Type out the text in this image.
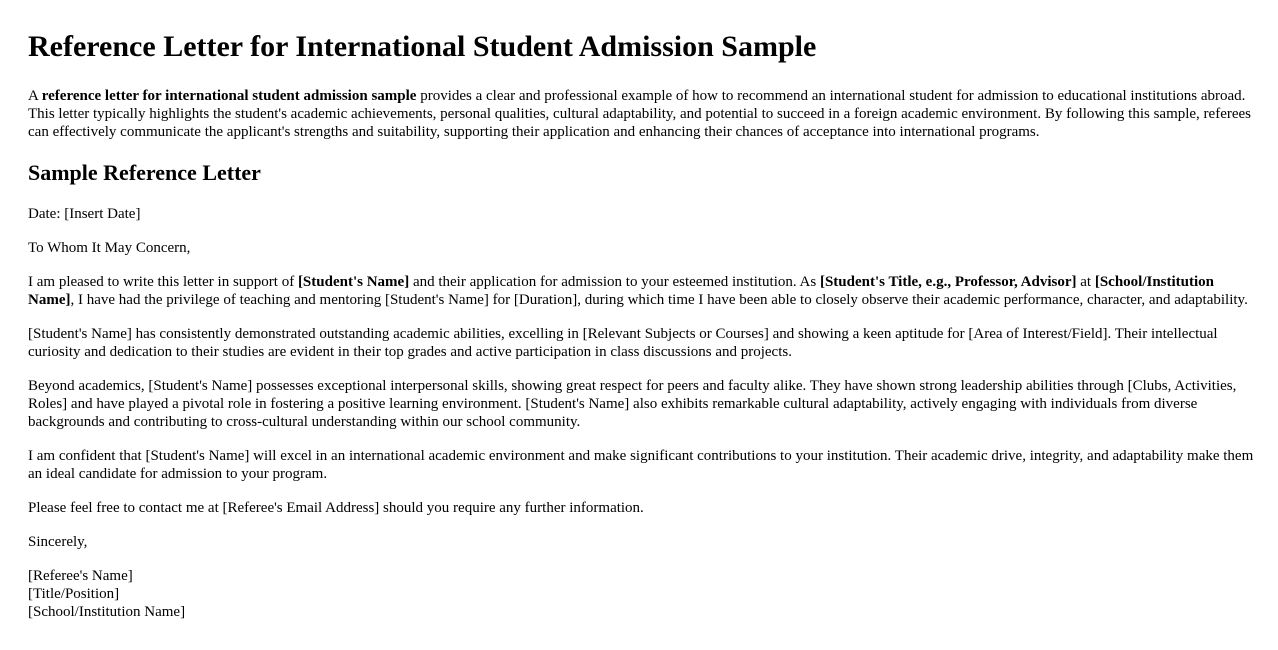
Reference Letter for International Student Admission Sample

A reference letter for international student admission sample provides a clear and professional example of how to recommend an international student for admission to educational institutions abroad. This letter typically highlights the student's academic achievements, personal qualities, cultural adaptability, and potential to succeed in a foreign academic environment. By following this sample, referees can effectively communicate the applicant's strengths and suitability, supporting their application and enhancing their chances of acceptance into international programs.

Sample Reference Letter

Date: [Insert Date]

To Whom It May Concern,

I am pleased to write this letter in support of [Student's Name] and their application for admission to your esteemed institution. As [Student's Title, e.g., Professor, Advisor] at [School/Institution Name], I have had the privilege of teaching and mentoring [Student's Name] for [Duration], during which time I have been able to closely observe their academic performance, character, and adaptability.

[Student's Name] has consistently demonstrated outstanding academic abilities, excelling in [Relevant Subjects or Courses] and showing a keen aptitude for [Area of Interest/Field]. Their intellectual curiosity and dedication to their studies are evident in their top grades and active participation in class discussions and projects.

Beyond academics, [Student's Name] possesses exceptional interpersonal skills, showing great respect for peers and faculty alike. They have shown strong leadership abilities through [Clubs, Activities, Roles] and have played a pivotal role in fostering a positive learning environment. [Student's Name] also exhibits remarkable cultural adaptability, actively engaging with individuals from diverse backgrounds and contributing to cross-cultural understanding within our school community.

I am confident that [Student's Name] will excel in an international academic environment and make significant contributions to your institution. Their academic drive, integrity, and adaptability make them an ideal candidate for admission to your program.

Please feel free to contact me at [Referee's Email Address] should you require any further information.

Sincerely,

[Referee's Name]
[Title/Position]
[School/Institution Name]
